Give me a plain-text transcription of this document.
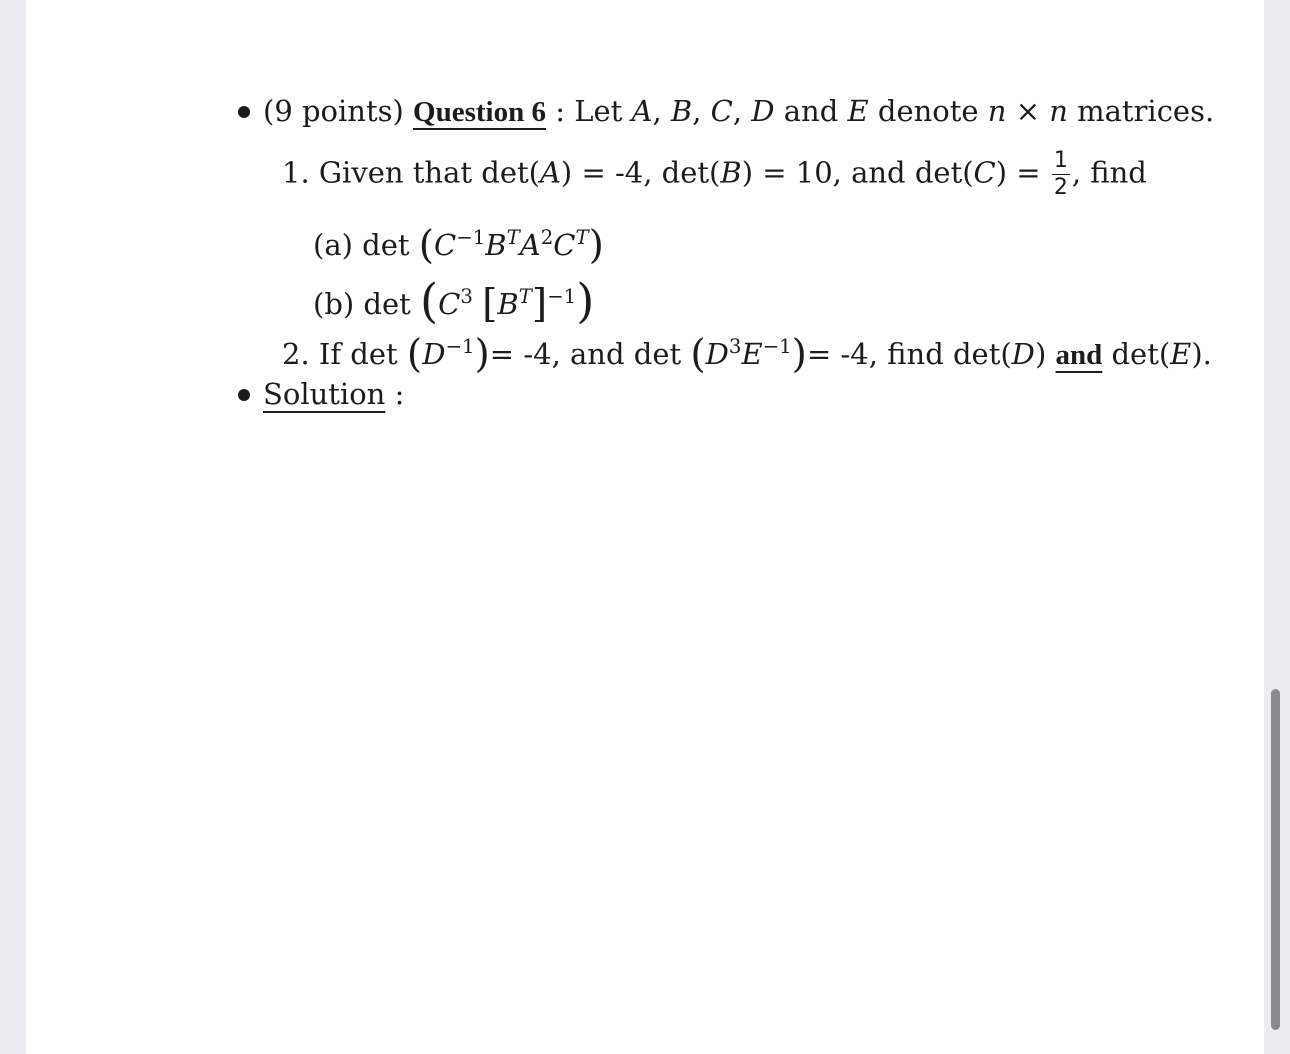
(9 points) Question 6 : Let A, B, C, D and E denote n × n matrices.
1. Given that det(A) = -4, det(B) = 10, and $\det(C) = \frac{1}{2}$ , find
(a) $\det (C^{-1}B^TA^2C^T)$
(b) $\det (C^3$ $[B^T]^{-1}$)
2. If $\det (D^{-1})= -4$, and $\det (D^3E^{-1})= -4$, find det(D) and det(E).
Solution :
